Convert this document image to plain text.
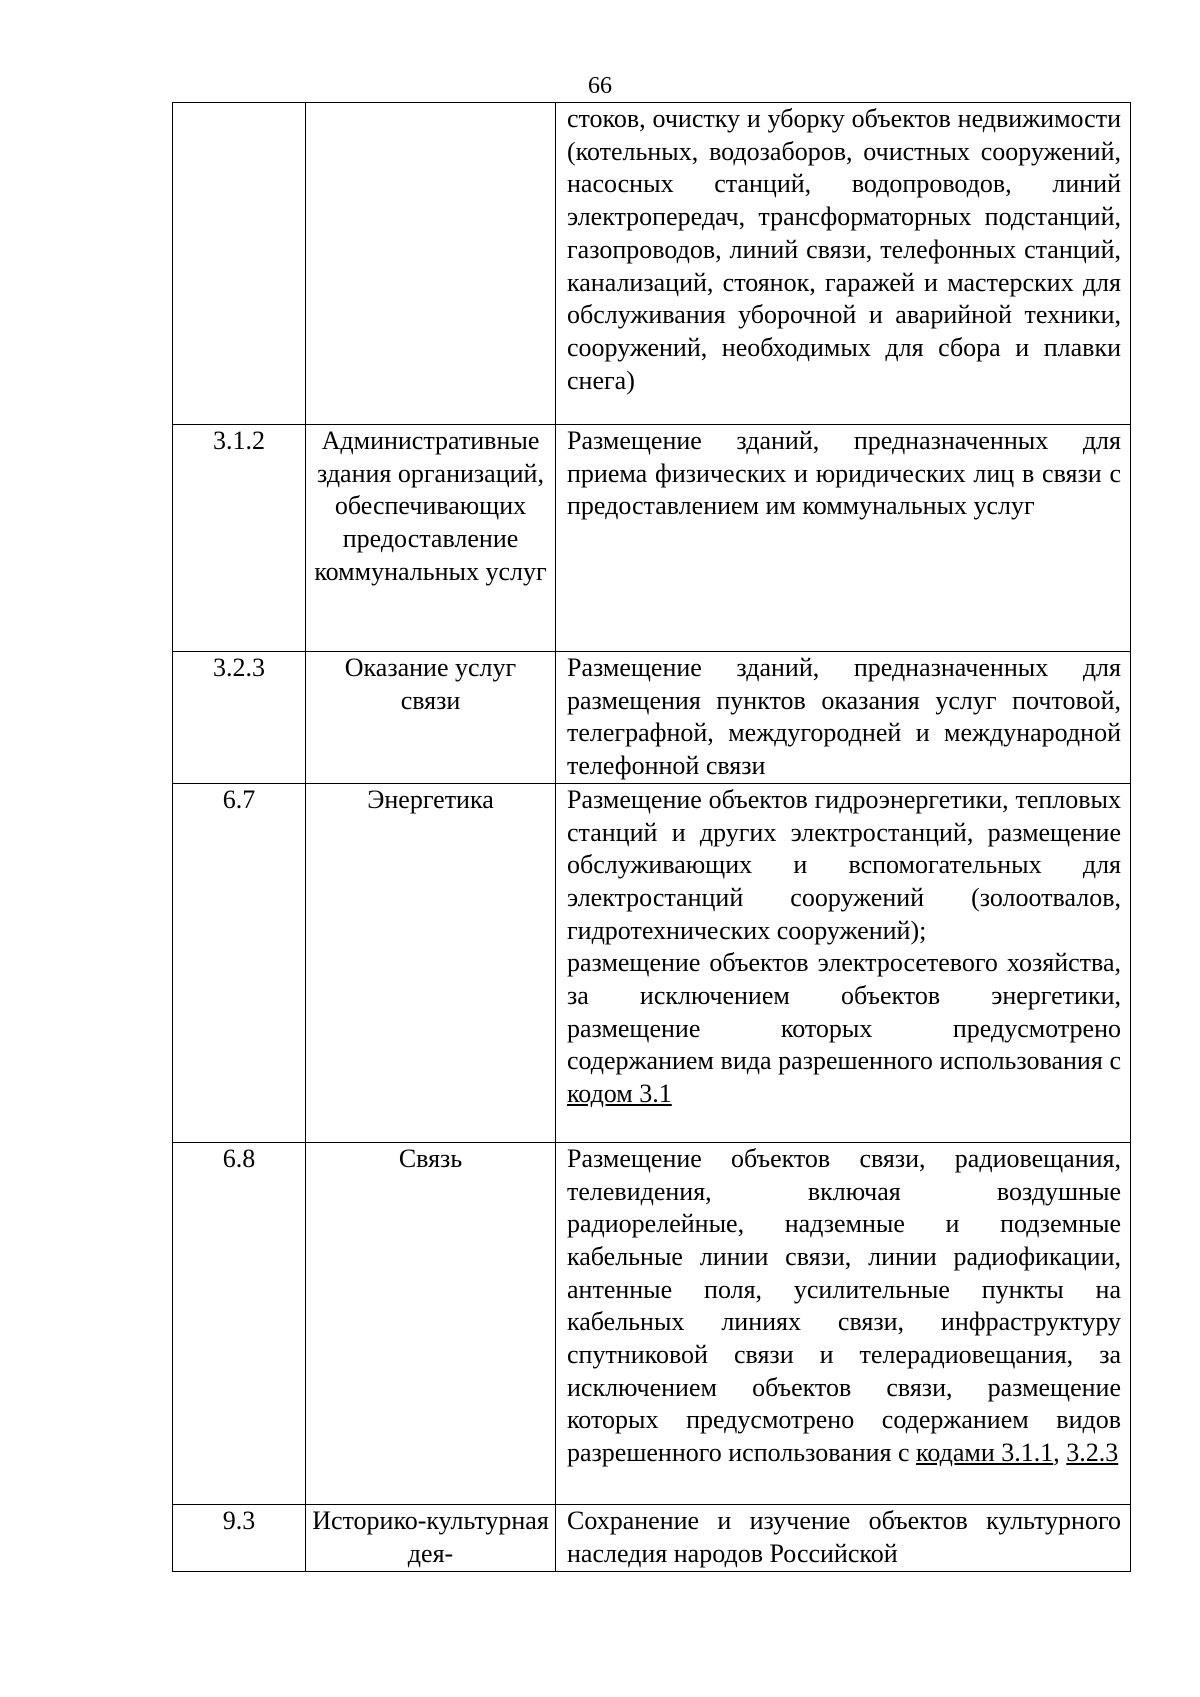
66

		стоков, очистку и уборку объектов недвижимости (котельных, водозаборов, очистных сооружений, насосных станций, водопроводов, линий электропередач, трансформаторных подстанций, газопроводов, линий связи, телефонных станций, канализаций, стоянок, гаражей и мастерских для обслуживания уборочной и аварийной техники, сооружений, необходимых для сбора и плавки снега)

3.1.2	Административные здания организаций, обеспечивающих предоставление коммунальных услуг	Размещение зданий, предназначенных для приема физических и юридических лиц в связи с предоставлением им коммунальных услуг

3.2.3	Оказание услуг связи	Размещение зданий, предназначенных для размещения пунктов оказания услуг почтовой, телеграфной, междугородней и международной телефонной связи

6.7	Энергетика	Размещение объектов гидроэнергетики, тепловых станций и других электростанций, размещение обслуживающих и вспомогательных для электростанций сооружений (золоотвалов, гидротехнических сооружений);

размещение объектов электросетевого хозяйства, за исключением объектов энергетики, размещение которых предусмотрено содержанием вида разрешенного использования с кодом 3.1

6.8	Связь	Размещение объектов связи, радиовещания, телевидения, включая воздушные радиорелейные, надземные и подземные кабельные линии связи, линии радиофикации, антенные поля, усилительные пункты на кабельных линиях связи, инфраструктуру спутниковой связи и телерадиовещания, за исключением объектов связи, размещение которых предусмотрено содержанием видов разрешенного использования с кодами 3.1.1, 3.2.3

9.3	Историко-культурная дея-	Сохранение и изучение объектов культурного наследия народов Российской
